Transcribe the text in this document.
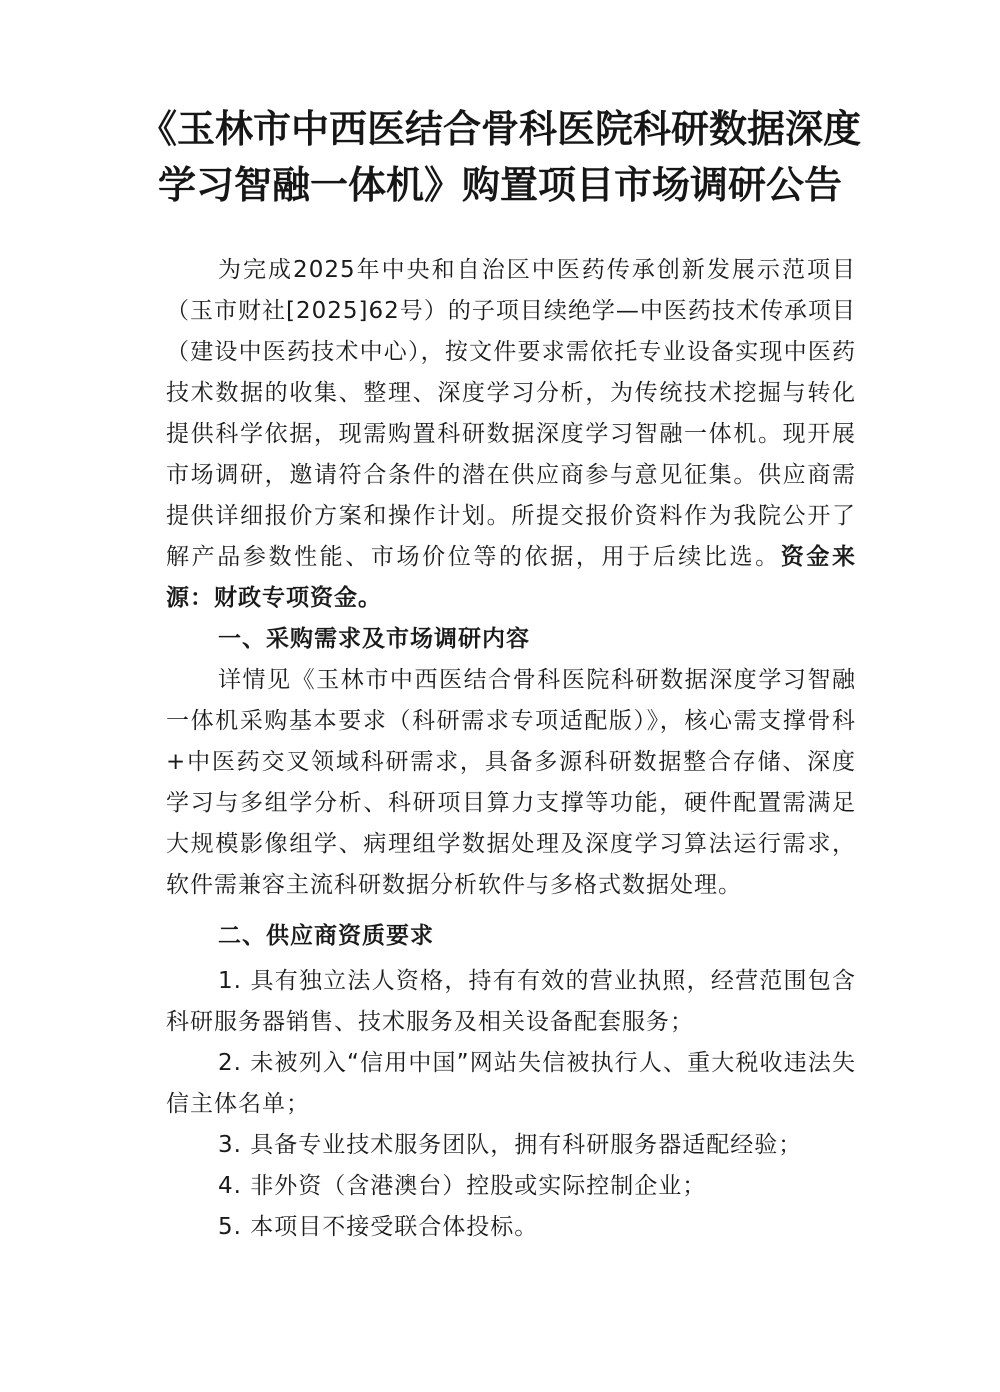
《玉林市中西医结合骨科医院科研数据深度
学习智融一体机》购置项目市场调研公告

为完成2025年中央和自治区中医药传承创新发展示范项目（玉市财社[2025]62号）的子项目续绝学—中医药技术传承项目（建设中医药技术中心），按文件要求需依托专业设备实现中医药技术数据的收集、整理、深度学习分析，为传统技术挖掘与转化提供科学依据，现需购置科研数据深度学习智融一体机。现开展市场调研，邀请符合条件的潜在供应商参与意见征集。供应商需提供详细报价方案和操作计划。所提交报价资料作为我院公开了解产品参数性能、市场价位等的依据，用于后续比选。资金来源：财政专项资金。

一、采购需求及市场调研内容

详情见《玉林市中西医结合骨科医院科研数据深度学习智融一体机采购基本要求（科研需求专项适配版）》，核心需支撑骨科+中医药交叉领域科研需求，具备多源科研数据整合存储、深度学习与多组学分析、科研项目算力支撑等功能，硬件配置需满足大规模影像组学、病理组学数据处理及深度学习算法运行需求，软件需兼容主流科研数据分析软件与多格式数据处理。

二、供应商资质要求

1. 具有独立法人资格，持有有效的营业执照，经营范围包含科研服务器销售、技术服务及相关设备配套服务；

2. 未被列入“信用中国”网站失信被执行人、重大税收违法失信主体名单；

3. 具备专业技术服务团队，拥有科研服务器适配经验；

4. 非外资（含港澳台）控股或实际控制企业；

5. 本项目不接受联合体投标。
